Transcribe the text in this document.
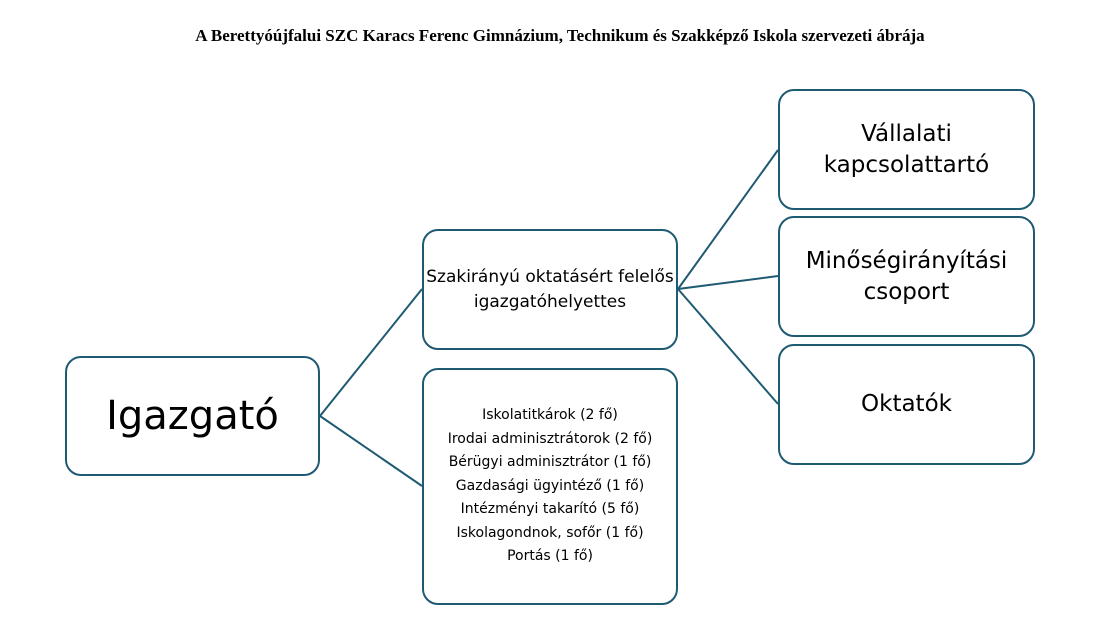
A Berettyóújfalui SZC Karacs Ferenc Gimnázium, Technikum és Szakképző Iskola szervezeti ábrája
Igazgató
Szakirányú oktatásért felelős igazgatóhelyettes
Iskolatitkárok (2 fő)
Irodai adminisztrátorok (2 fő)
Bérügyi adminisztrátor (1 fő)
Gazdasági ügyintéző (1 fő)
Intézményi takarító (5 fő)
Iskolagondnok, sofőr (1 fő)
Portás (1 fő)
Vállalati kapcsolattartó
Minőségirányítási csoport
Oktatók
